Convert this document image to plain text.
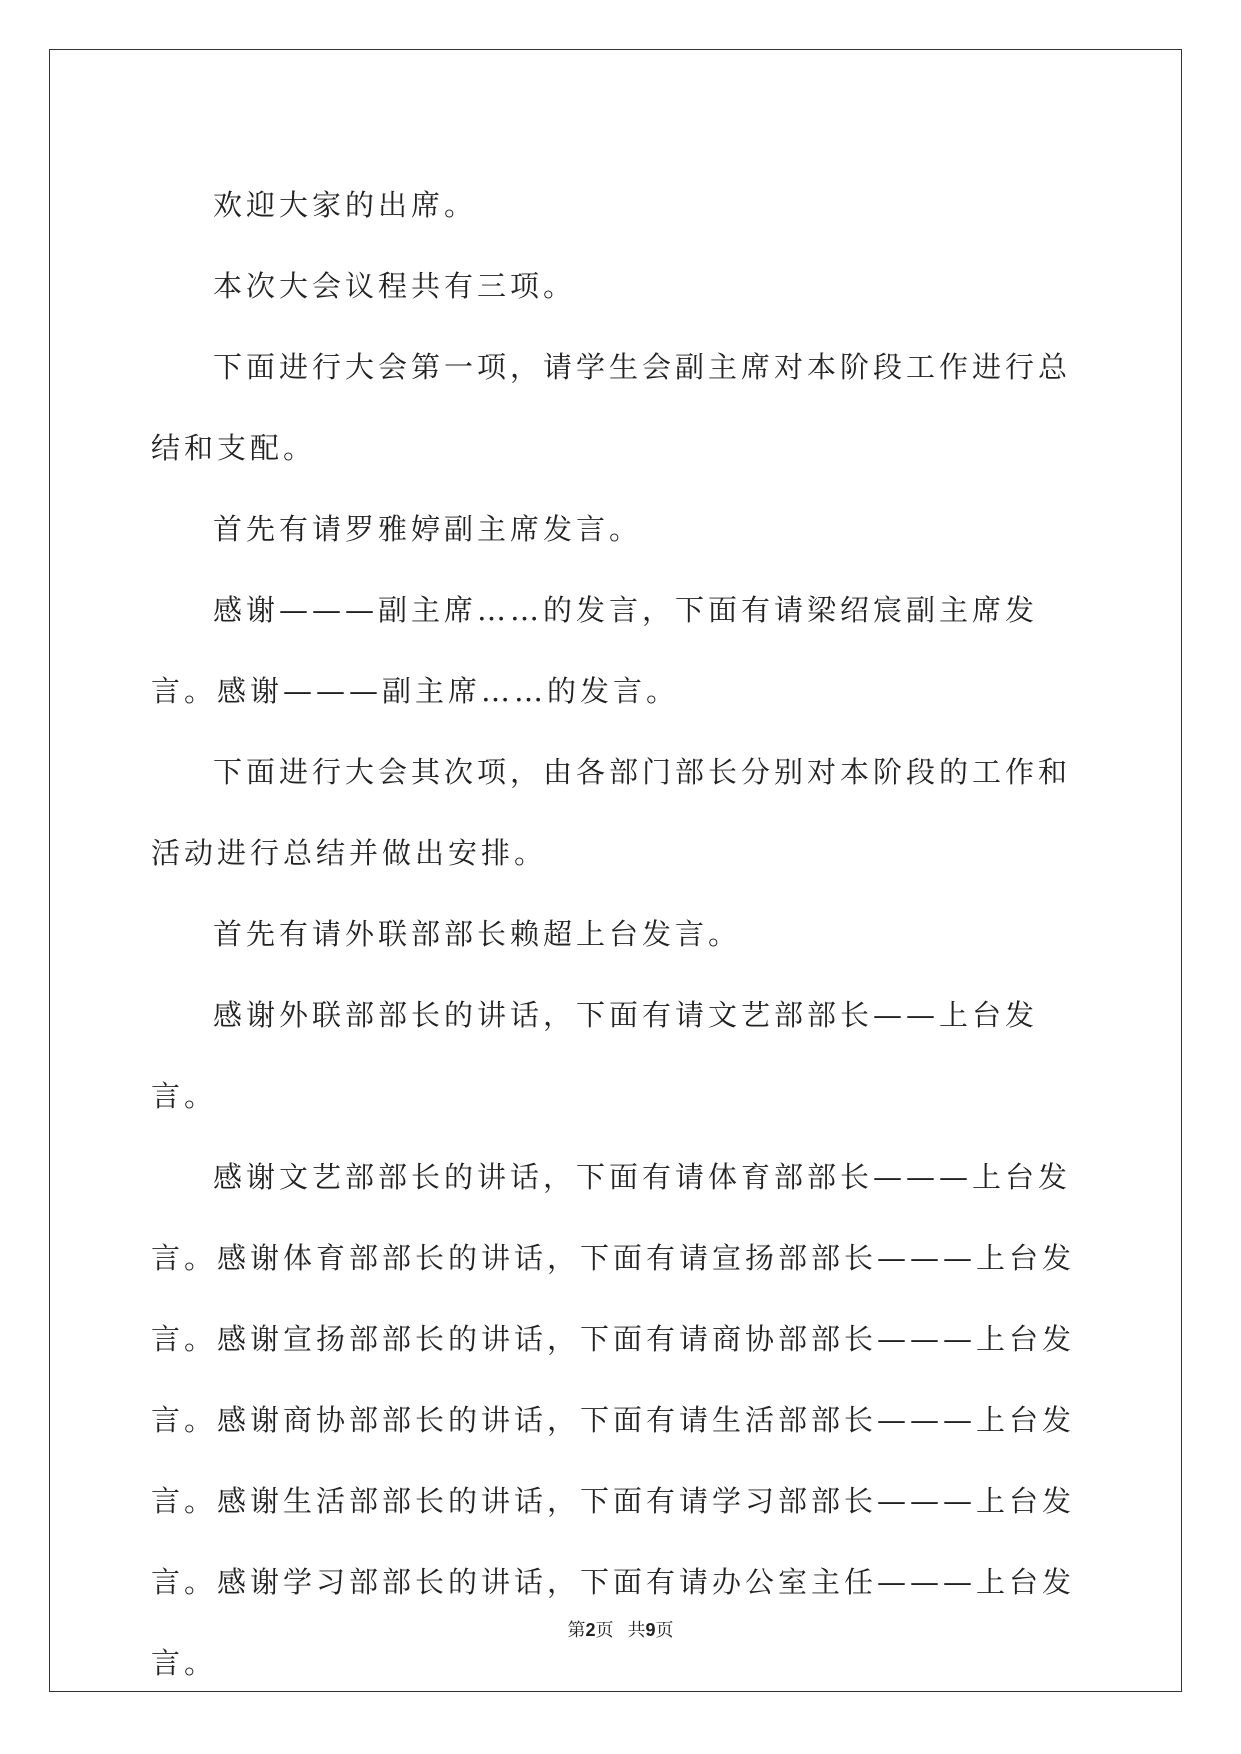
欢迎大家的出席。

本次大会议程共有三项。

下面进行大会第一项，请学生会副主席对本阶段工作进行总结和支配。

首先有请罗雅婷副主席发言。

感谢———副主席……的发言，下面有请梁绍宸副主席发言。感谢———副主席……的发言。

下面进行大会其次项，由各部门部长分别对本阶段的工作和活动进行总结并做出安排。

首先有请外联部部长赖超上台发言。

感谢外联部部长的讲话，下面有请文艺部部长——上台发言。

感谢文艺部部长的讲话，下面有请体育部部长———上台发言。感谢体育部部长的讲话，下面有请宣扬部部长———上台发言。感谢宣扬部部长的讲话，下面有请商协部部长———上台发言。感谢商协部部长的讲话，下面有请生活部部长———上台发言。感谢生活部部长的讲话，下面有请学习部部长———上台发言。感谢学习部部长的讲话，下面有请办公室主任———上台发言。

第2页 共9页
